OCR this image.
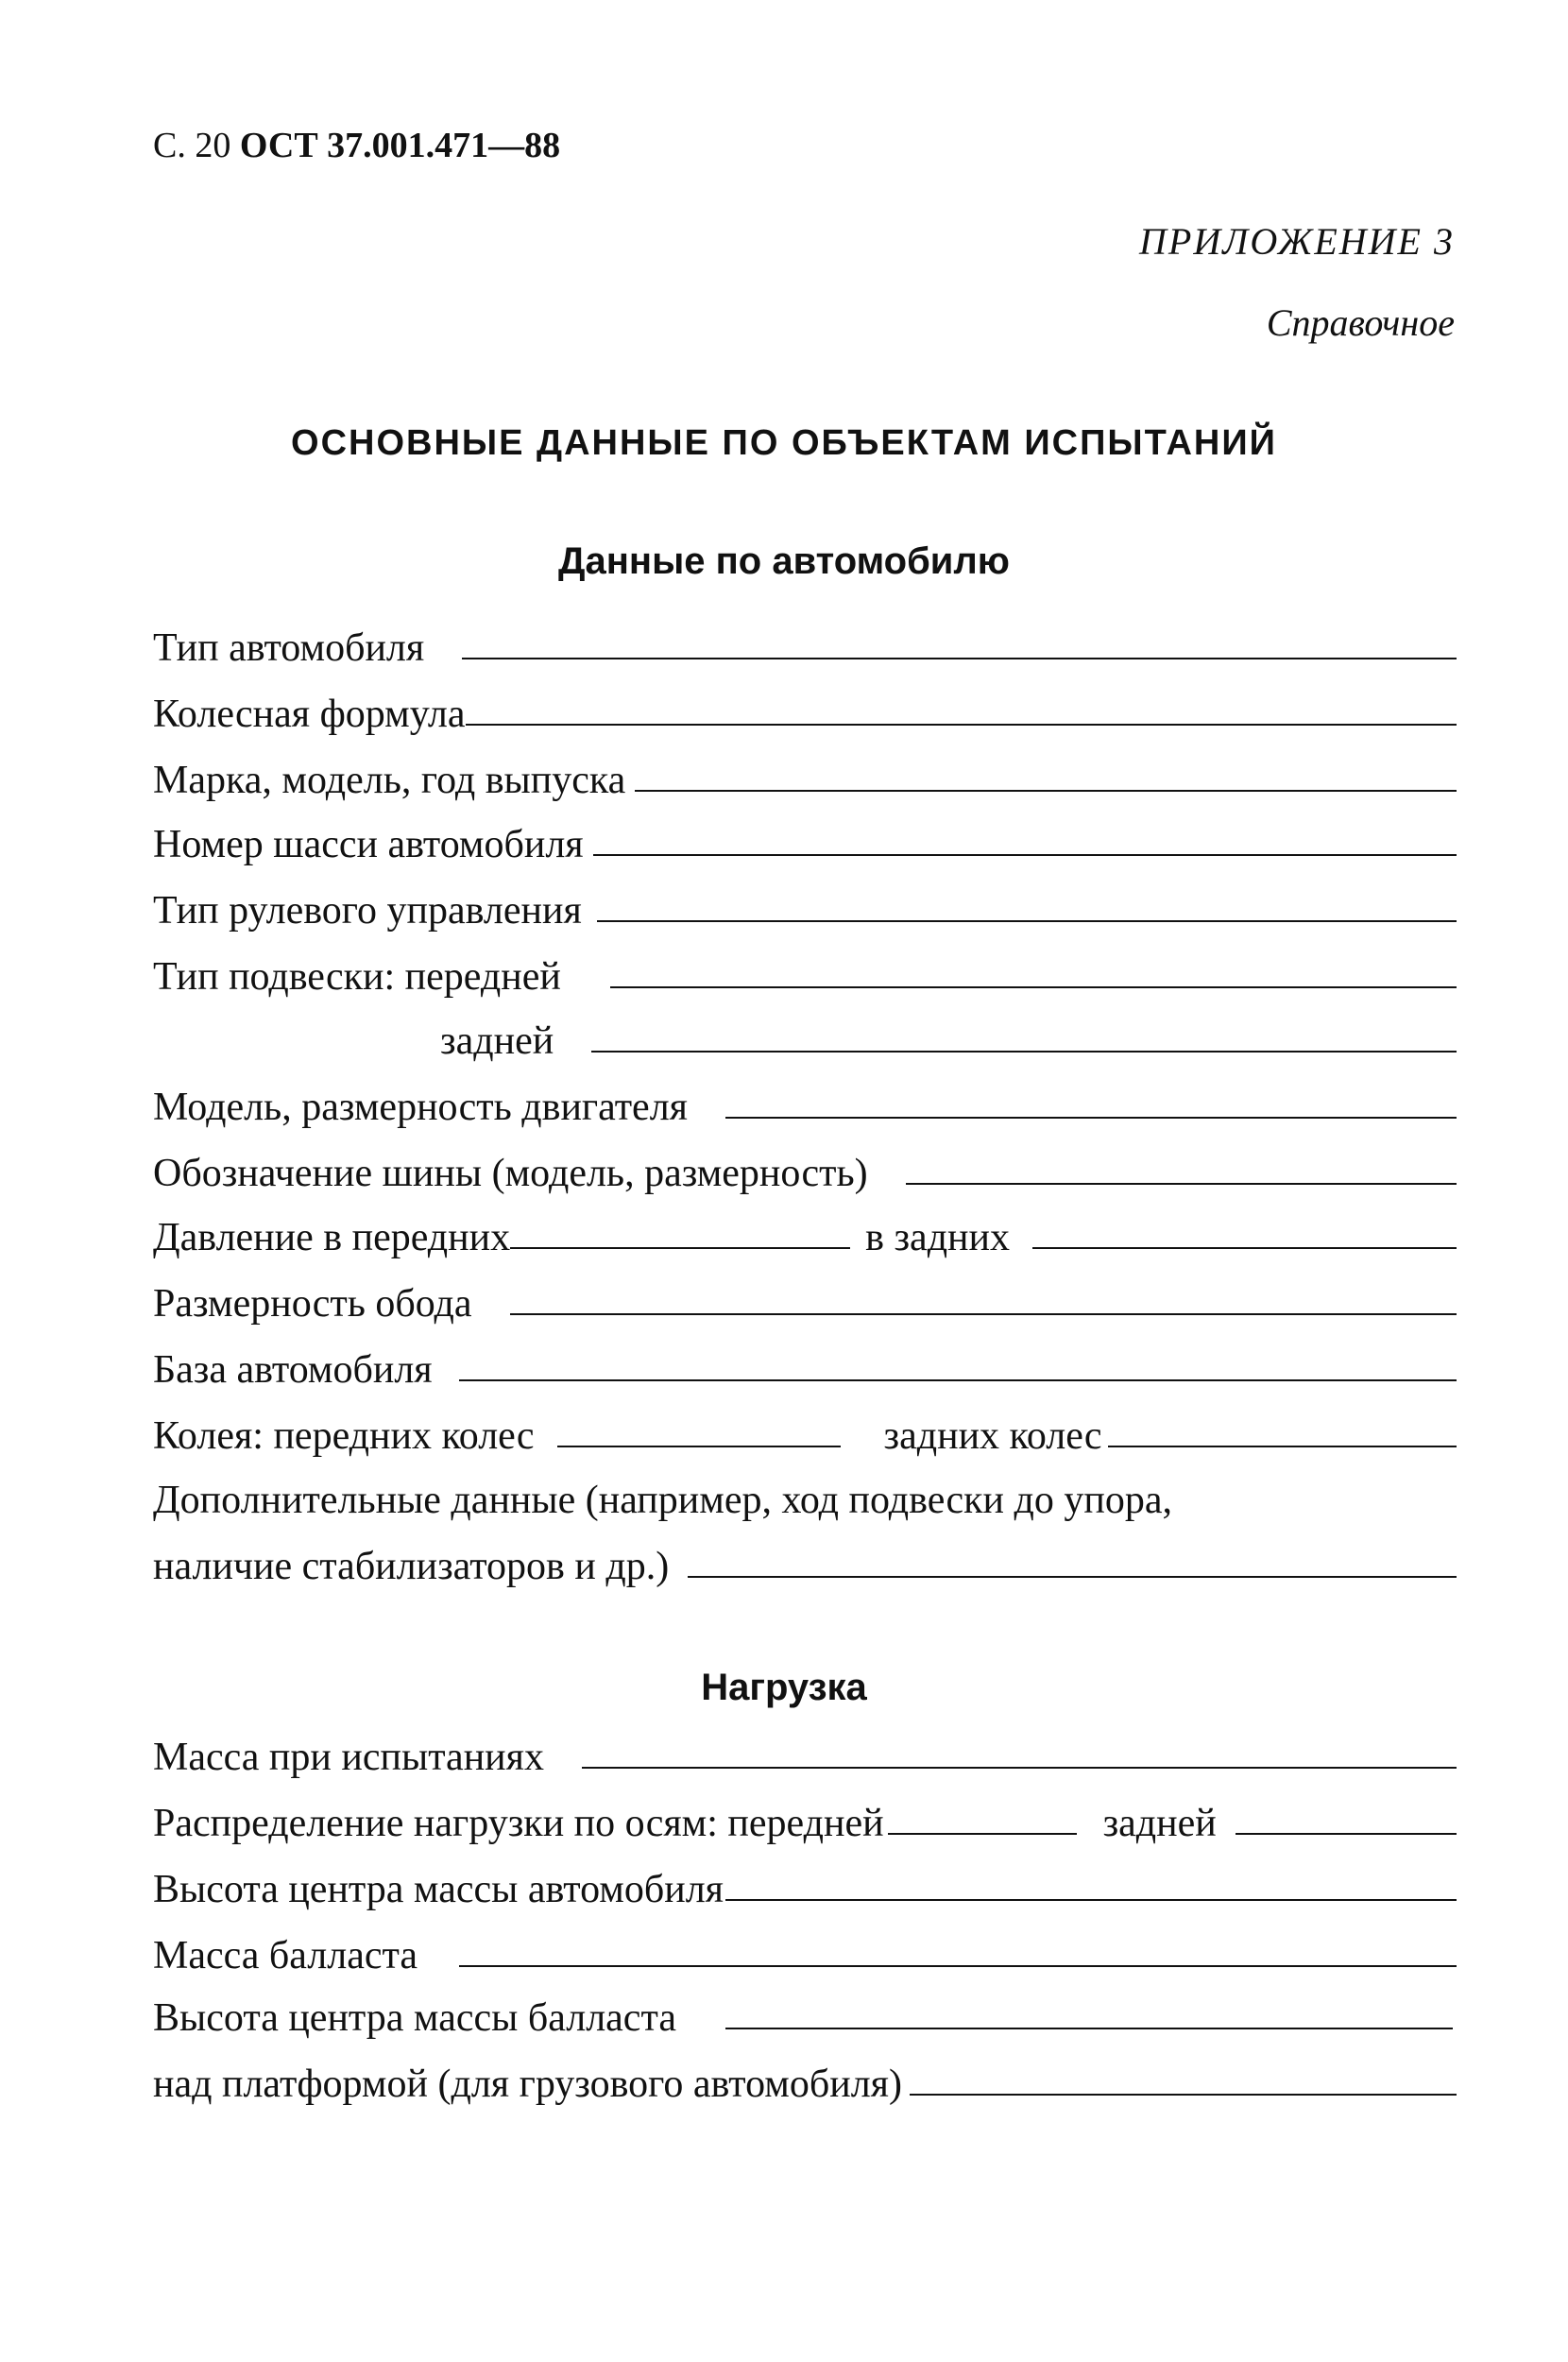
С. 20 ОСТ 37.001.471—88
ПРИЛОЖЕНИЕ 3
Справочное
ОСНОВНЫЕ ДАННЫЕ ПО ОБЪЕКТАМ ИСПЫТАНИЙ
Данные по автомобилю
Тип автомобиля
Колесная формула
Марка, модель, год выпуска
Номер шасси автомобиля
Тип рулевого управления
Тип подвески: передней
задней
Модель, размерность двигателя
Обозначение шины (модель, размерность)
Давление в передних	в задних
Размерность обода
База автомобиля
Колея: передних колес	задних колес
Дополнительные данные (например, ход подвески до упора,
наличие стабилизаторов и др.)
Нагрузка
Масса при испытаниях
Распределение нагрузки по осям: передней	задней
Высота центра массы автомобиля
Масса балласта
Высота центра массы балласта
над платформой (для грузового автомобиля)
